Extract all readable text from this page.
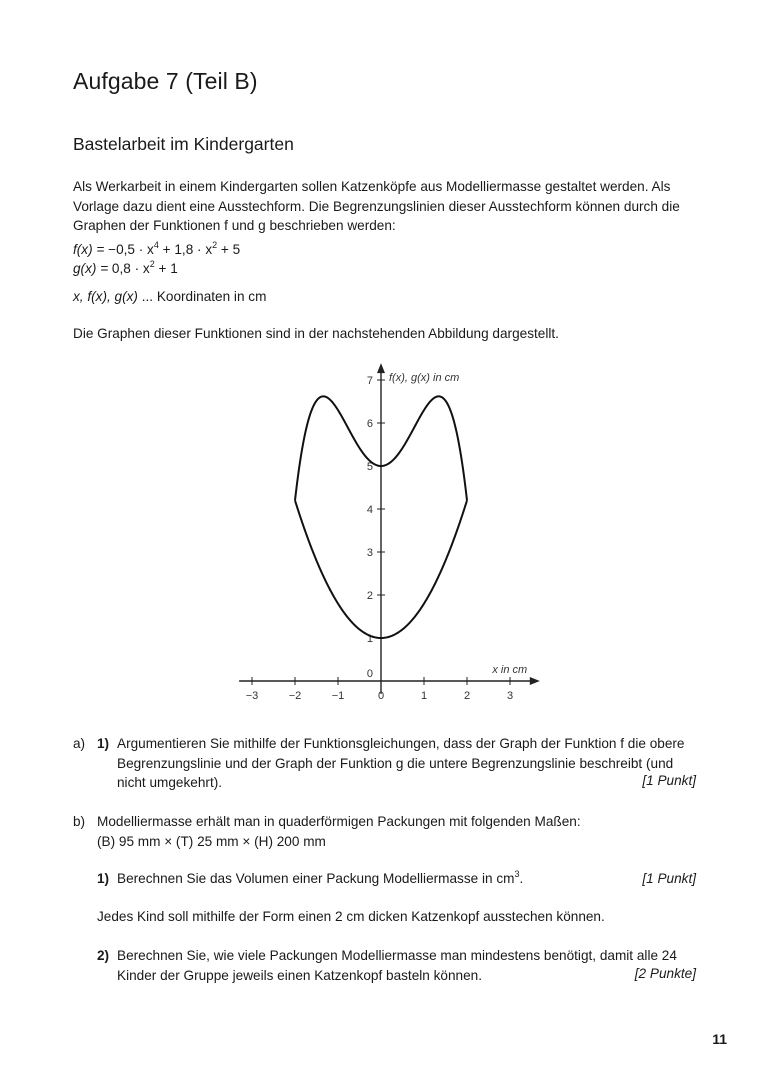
Aufgabe 7 (Teil B)
Bastelarbeit im Kindergarten
Als Werkarbeit in einem Kindergarten sollen Katzenköpfe aus Modelliermasse gestaltet werden. Als Vorlage dazu dient eine Ausstechform. Die Begrenzungslinien dieser Ausstechform können durch die Graphen der Funktionen f und g beschrieben werden:
$f(x) = -0,5 \cdot x^4 + 1,8 \cdot x^2 + 5$
$g(x) = 0,8 \cdot x^2 + 1$
x, f(x), g(x) ... Koordinaten in cm
Die Graphen dieser Funktionen sind in der nachstehenden Abbildung dargestellt.
−3	−2	−1	0	1	2	3
1
2
3
4
5
6
7
0
f(x), g(x) in cm
x in cm
a) 1) Argumentieren Sie mithilfe der Funktionsgleichungen, dass der Graph der Funktion f die obere Begrenzungslinie und der Graph der Funktion g die untere Begrenzungslinie beschreibt (und nicht umgekehrt).	[1 Punkt]
b) Modelliermasse erhält man in quaderförmigen Packungen mit folgenden Maßen:
(B) 95 mm × (T) 25 mm × (H) 200 mm
1) Berechnen Sie das Volumen einer Packung Modelliermasse in $cm^3$.	[1 Punkt]
Jedes Kind soll mithilfe der Form einen 2 cm dicken Katzenkopf ausstechen können.
2) Berechnen Sie, wie viele Packungen Modelliermasse man mindestens benötigt, damit alle 24 Kinder der Gruppe jeweils einen Katzenkopf basteln können.	[2 Punkte]
11
